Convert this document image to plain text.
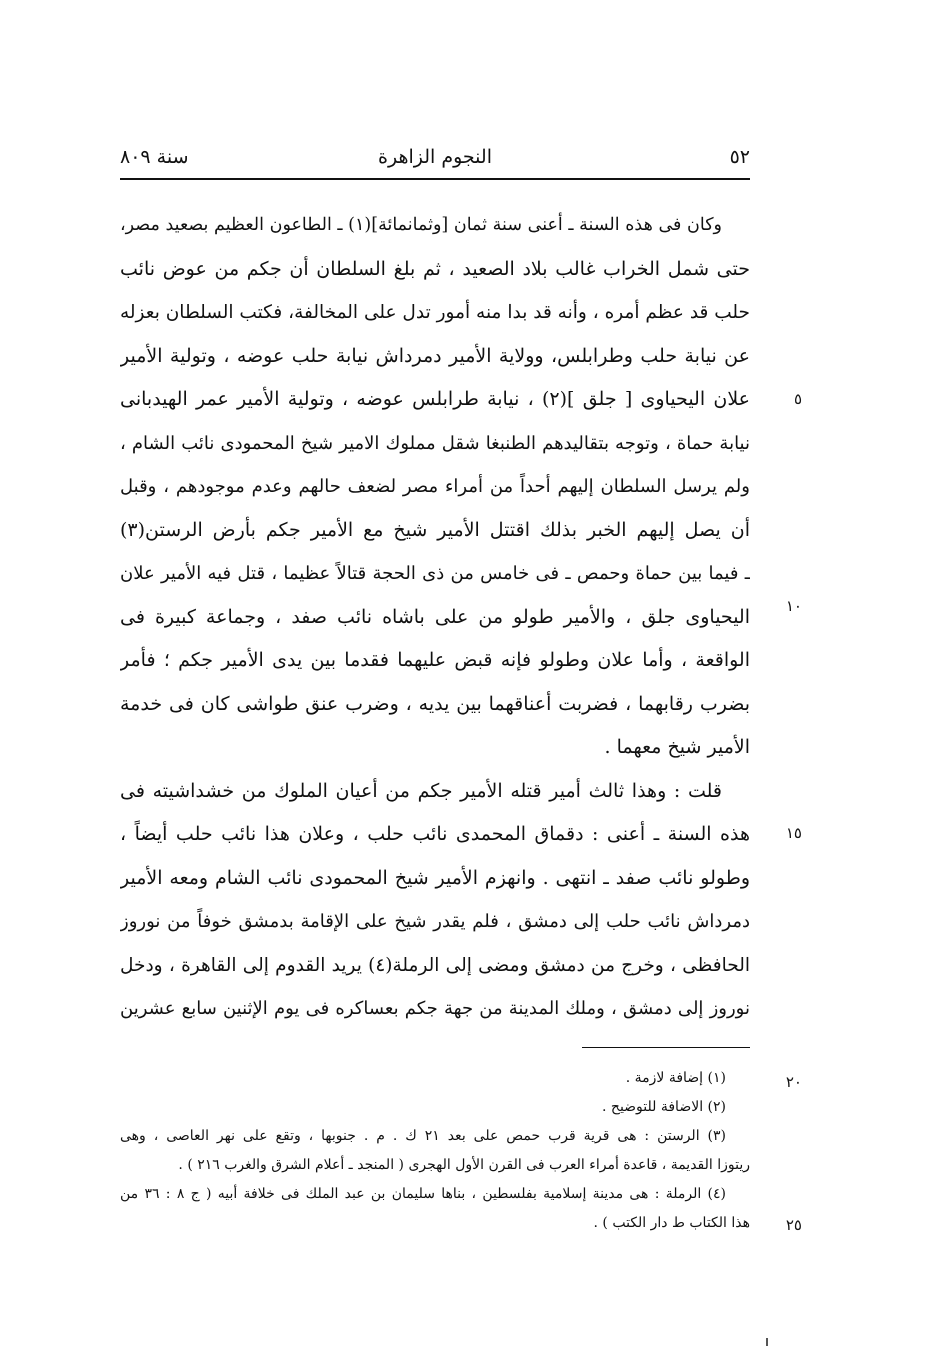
٥٢
النجوم الزاهرة
سنة ٨٠٩
وكان فى هذه السنة ـ أعنى سنة ثمان [وثمانمائة](١) ـ الطاعون العظيم بصعيد مصر،
حتى شمل الخراب غالب بلاد الصعيد ، ثم بلغ السلطان أن جكم من عوض نائب
حلب قد عظم أمره ، وأنه قد بدا منه أمور تدل على المخالفة، فكتب السلطان بعزله
عن نيابة حلب وطرابلس، وولاية الأمير دمرداش نيابة حلب عوضه ، وتولية الأمير
علان اليحياوى [ جلق ](٢) ، نيابة طرابلس عوضه ، وتولية الأمير عمر الهيدبانى
نيابة حماة ، وتوجه بتقاليدهم الطنبغا شقل مملوك الامير شيخ المحمودى نائب الشام ،
ولم يرسل السلطان إليهم أحداً من أمراء مصر لضعف حالهم وعدم موجودهم ، وقبل
أن يصل إليهم الخبر بذلك اقتتل الأمير شيخ مع الأمير جكم بأرض الرستن(٣)
ـ فيما بين حماة وحمص ـ فى خامس من ذى الحجة قتالاً عظيما ، قتل فيه الأمير علان
اليحياوى جلق ، والأمير طولو من على باشاه نائب صفد ، وجماعة كبيرة فى
الواقعة ، وأما علان وطولو فإنه قبض عليهما فقدما بين يدى الأمير جكم ؛ فأمر
بضرب رقابهما ، فضربت أعناقهما بين يديه ، وضرب عنق طواشى كان فى خدمة
الأمير شيخ معهما .
قلت : وهذا ثالث أمير قتله الأمير جكم من أعيان الملوك من خشداشيته فى
هذه السنة ـ أعنى : دقماق المحمدى نائب حلب ، وعلان هذا نائب حلب أيضاً ،
وطولو نائب صفد ـ انتهى . وانهزم الأمير شيخ المحمودى نائب الشام ومعه الأمير
دمرداش نائب حلب إلى دمشق ، فلم يقدر شيخ على الإقامة بدمشق خوفاً من نوروز
الحافظى ، وخرج من دمشق ومضى إلى الرملة(٤) يريد القدوم إلى القاهرة ، ودخل
نوروز إلى دمشق ، وملك المدينة من جهة جكم بعساكره فى يوم الإثنين سابع عشرين
٥
١٠
١٥
٢٠
٢٥
(١) إضافة لازمة .
(٢) الاضافة للتوضيح .
(٣) الرستن : هى قرية قرب حمص على بعد ٢١ ك . م . جنوبها ، وتقع على نهر العاصى ، وهى
ريتوزا القديمة ، قاعدة أمراء العرب فى القرن الأول الهجرى ( المنجد ـ أعلام الشرق والغرب ٢١٦ ) .
(٤) الرملة : هى مدينة إسلامية بفلسطين ، بناها سليمان بن عبد الملك فى خلافة أبيه ( ج ٨ : ٣٦ من
هذا الكتاب ط دار الكتب ) .
